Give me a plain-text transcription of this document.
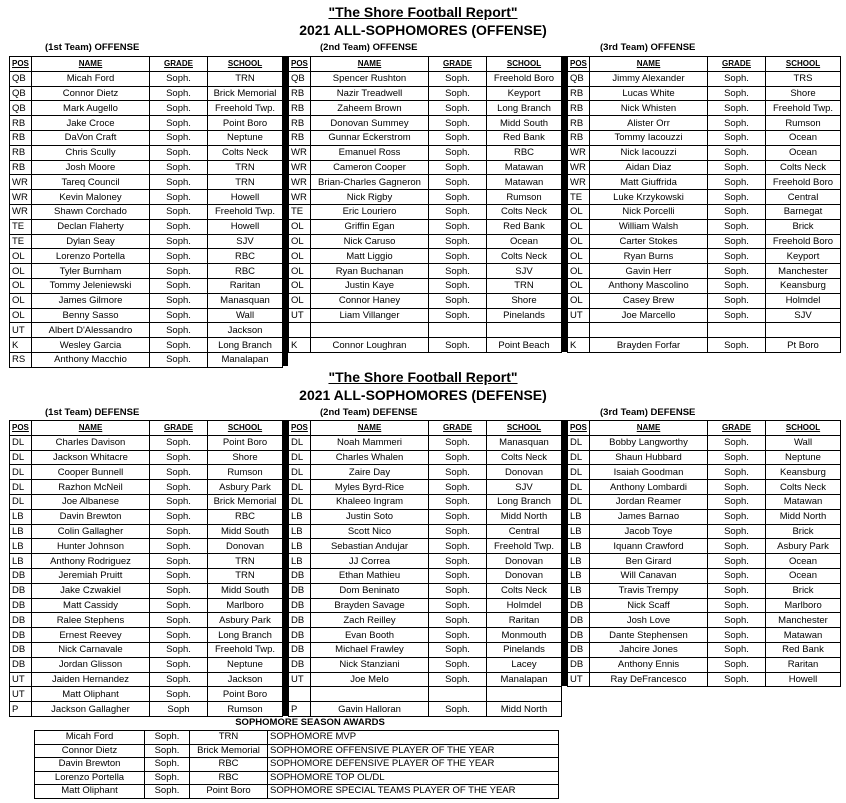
"The Shore Football Report"
2021 ALL-SOPHOMORES (OFFENSE)
(1st Team) OFFENSE	(2nd Team) OFFENSE	(3rd Team) OFFENSE
POS	NAME	GRADE	SCHOOL
QB	Micah Ford	Soph.	TRN
QB	Connor Dietz	Soph.	Brick Memorial
QB	Mark Augello	Soph.	Freehold Twp.
RB	Jake Croce	Soph.	Point Boro
RB	DaVon Craft	Soph.	Neptune
RB	Chris Scully	Soph.	Colts Neck
RB	Josh Moore	Soph.	TRN
WR	Tareq Council	Soph.	TRN
WR	Kevin Maloney	Soph.	Howell
WR	Shawn Corchado	Soph.	Freehold Twp.
TE	Declan Flaherty	Soph.	Howell
TE	Dylan Seay	Soph.	SJV
OL	Lorenzo Portella	Soph.	RBC
OL	Tyler Burnham	Soph.	RBC
OL	Tommy Jeleniewski	Soph.	Raritan
OL	James Gilmore	Soph.	Manasquan
OL	Benny Sasso	Soph.	Wall
UT	Albert D'Alessandro	Soph.	Jackson
K	Wesley Garcia	Soph.	Long Branch
RS	Anthony Macchio	Soph.	Manalapan
POS	NAME	GRADE	SCHOOL
QB	Spencer Rushton	Soph.	Freehold Boro
RB	Nazir Treadwell	Soph.	Keyport
RB	Zaheem Brown	Soph.	Long Branch
RB	Donovan Summey	Soph.	Midd South
RB	Gunnar Eckerstrom	Soph.	Red Bank
WR	Emanuel Ross	Soph.	RBC
WR	Cameron Cooper	Soph.	Matawan
WR	Brian-Charles Gagneron	Soph.	Matawan
WR	Nick Rigby	Soph.	Rumson
TE	Eric Louriero	Soph.	Colts Neck
OL	Griffin Egan	Soph.	Red Bank
OL	Nick Caruso	Soph.	Ocean
OL	Matt Liggio	Soph.	Colts Neck
OL	Ryan Buchanan	Soph.	SJV
OL	Justin Kaye	Soph.	TRN
OL	Connor Haney	Soph.	Shore
UT	Liam Villanger	Soph.	Pinelands

K	Connor Loughran	Soph.	Point Beach
POS	NAME	GRADE	SCHOOL
QB	Jimmy Alexander	Soph.	TRS
RB	Lucas White	Soph.	Shore
RB	Nick Whisten	Soph.	Freehold Twp.
RB	Alister Orr	Soph.	Rumson
RB	Tommy Iacouzzi	Soph.	Ocean
WR	Nick Iacouzzi	Soph.	Ocean
WR	Aidan Diaz	Soph.	Colts Neck
WR	Matt Giuffrida	Soph.	Freehold Boro
TE	Luke Krzykowski	Soph.	Central
OL	Nick Porcelli	Soph.	Barnegat
OL	William Walsh	Soph.	Brick
OL	Carter Stokes	Soph.	Freehold Boro
OL	Ryan Burns	Soph.	Keyport
OL	Gavin Herr	Soph.	Manchester
OL	Anthony Mascolino	Soph.	Keansburg
OL	Casey Brew	Soph.	Holmdel
UT	Joe Marcello	Soph.	SJV

K	Brayden Forfar	Soph.	Pt Boro
"The Shore Football Report"
2021 ALL-SOPHOMORES (DEFENSE)
(1st Team) DEFENSE	(2nd Team) DEFENSE	(3rd Team) DEFENSE
POS	NAME	GRADE	SCHOOL
DL	Charles Davison	Soph.	Point Boro
DL	Jackson Whitacre	Soph.	Shore
DL	Cooper Bunnell	Soph.	Rumson
DL	Razhon McNeil	Soph.	Asbury Park
DL	Joe Albanese	Soph.	Brick Memorial
LB	Davin Brewton	Soph.	RBC
LB	Colin Gallagher	Soph.	Midd South
LB	Hunter Johnson	Soph.	Donovan
LB	Anthony Rodriguez	Soph.	TRN
DB	Jeremiah Pruitt	Soph.	TRN
DB	Jake Czwakiel	Soph.	Midd South
DB	Matt Cassidy	Soph.	Marlboro
DB	Ralee Stephens	Soph.	Asbury Park
DB	Ernest Reevey	Soph.	Long Branch
DB	Nick Carnavale	Soph.	Freehold Twp.
DB	Jordan Glisson	Soph.	Neptune
UT	Jaiden Hernandez	Soph.	Jackson
UT	Matt Oliphant	Soph.	Point Boro
P	Jackson Gallagher	Soph	Rumson
POS	NAME	GRADE	SCHOOL
DL	Noah Mammeri	Soph.	Manasquan
DL	Charles Whalen	Soph.	Colts Neck
DL	Zaire Day	Soph.	Donovan
DL	Myles Byrd-Rice	Soph.	SJV
DL	Khaleeo Ingram	Soph.	Long Branch
LB	Justin Soto	Soph.	Midd North
LB	Scott Nico	Soph.	Central
LB	Sebastian Andujar	Soph.	Freehold Twp.
LB	JJ Correa	Soph.	Donovan
DB	Ethan Mathieu	Soph.	Donovan
DB	Dom Beninato	Soph.	Colts Neck
DB	Brayden Savage	Soph.	Holmdel
DB	Zach Reilley	Soph.	Raritan
DB	Evan Booth	Soph.	Monmouth
DB	Michael Frawley	Soph.	Pinelands
DB	Nick Stanziani	Soph.	Lacey
UT	Joe Melo	Soph.	Manalapan

P	Gavin Halloran	Soph.	Midd North
POS	NAME	GRADE	SCHOOL
DL	Bobby Langworthy	Soph.	Wall
DL	Shaun Hubbard	Soph.	Neptune
DL	Isaiah Goodman	Soph.	Keansburg
DL	Anthony Lombardi	Soph.	Colts Neck
DL	Jordan Reamer	Soph.	Matawan
LB	James Barnao	Soph.	Midd North
LB	Jacob Toye	Soph.	Brick
LB	Iquann Crawford	Soph.	Asbury Park
LB	Ben Girard	Soph.	Ocean
LB	Will Canavan	Soph.	Ocean
LB	Travis Trempy	Soph.	Brick
DB	Nick Scaff	Soph.	Marlboro
DB	Josh Love	Soph.	Manchester
DB	Dante Stephensen	Soph.	Matawan
DB	Jahcire Jones	Soph.	Red Bank
DB	Anthony Ennis	Soph.	Raritan
UT	Ray DeFrancesco	Soph.	Howell
SOPHOMORE SEASON AWARDS
Micah Ford	Soph.	TRN	SOPHOMORE MVP
Connor Dietz	Soph.	Brick Memorial	SOPHOMORE OFFENSIVE PLAYER OF THE YEAR
Davin Brewton	Soph.	RBC	SOPHOMORE DEFENSIVE PLAYER OF THE YEAR
Lorenzo Portella	Soph.	RBC	SOPHOMORE TOP OL/DL
Matt Oliphant	Soph.	Point Boro	SOPHOMORE SPECIAL TEAMS PLAYER OF THE YEAR
